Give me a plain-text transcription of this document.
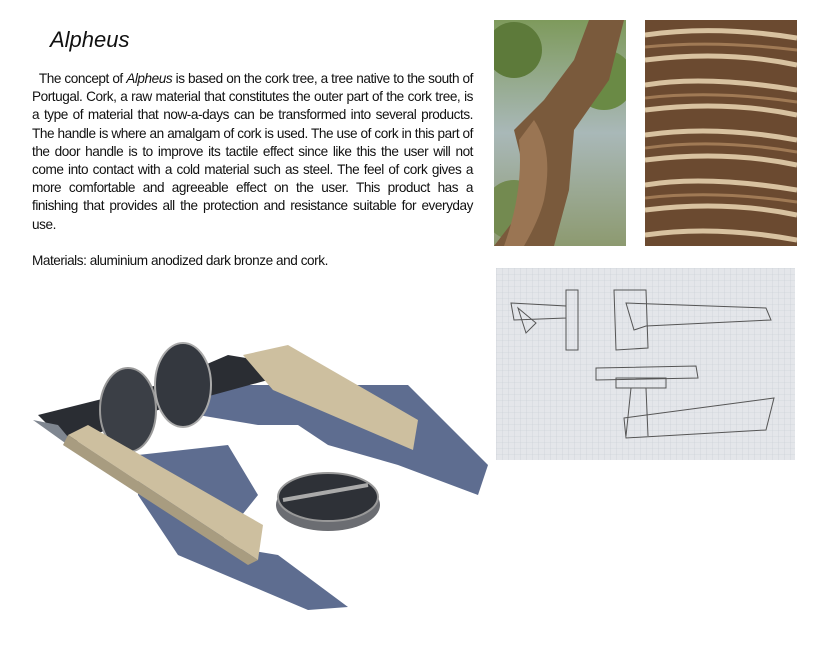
Alpheus

The concept of Alpheus is based on the cork tree, a tree native to the south of Portugal. Cork, a raw material that constitutes the outer part of the cork tree, is a type of material that now-a-days can be transformed into several products. The handle is where an amalgam of cork is used. The use of cork in this part of the door handle is to improve its tactile effect since like this the user will not come into contact with a cold material such as steel. The feel of cork gives a more comfortable and agreeable effect on the user. This product has a finishing that provides all the protection and resistance suitable for everyday use.

Materials: aluminium anodized dark bronze and cork.
